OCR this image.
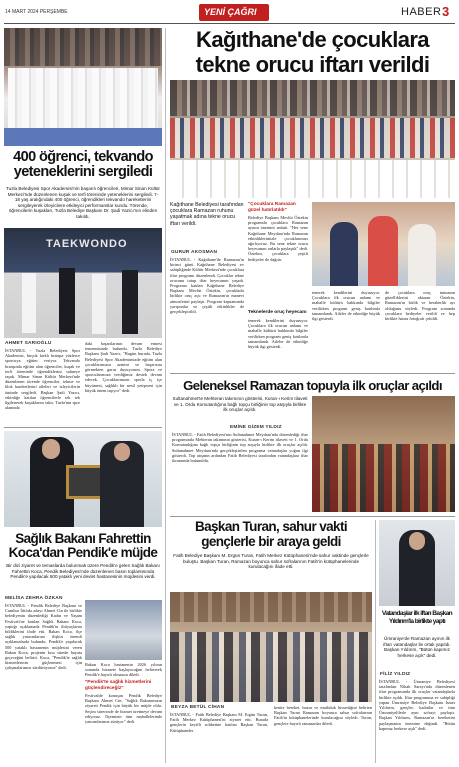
14 MART 2024 PERŞEMBE	YENİ ÇAĞRI	HABER 3
400 öğrenci, tekvando
yeteneklerini sergiledi
Tuzla Belediyesi Spor Akademisi'nin başarılı öğrencileri, Mimar Sinan Kültür Merkezi'nde düzenlenen kuşak ve terfi töreninde yeteneklerini sergiledi. 7-18 yaş aralığındaki 400 öğrenci, öğrendikleri tekvando hareketlerini sergileyerek izleyicilere etkileyici performanslar sundu. Törende, öğrencilerin kuşakları, Tuzla Belediye Başkanı Dr. Şadi Yazıcı'nın elinden takıldı.
TAEKWONDO
AHMET SARIOĞLU
İSTANBUL - Tuzla Belediyesi Spor Akademisi, birçok farklı branşta yüzlerce sporcuya eğitim veriyor. Tekvando branşında eğitim alan öğrenciler, kuşak ve terfi töreninde öğrendiklerini sahneye taşıdı. Mimar Sinan Kültür Merkezi'nde düzenlenen törende öğrenciler, tekme ve blok hareketlerini aileleri ve izleyicilerin önünde sergiledi. Başkan Şadi Yazıcı, etkinliğe katılan öğrencilerle tek tek ilgilenerek kuşaklarını taktı. Tuzla'nın spor alanında
daki başarılarının devam etmesi temennisinde bulundu. Tuzla Belediye Başkanı Şadi Yazıcı, "Bugün burada, Tuzla Belediyesi Spor Akademimizde eğitim alan çocuklarımızın azmini ve başarısını görmekten gurur duyuyorum. Spora ve sporcularımıza verdiğimiz destek devam edecek. Çocuklarımızın sporla iç içe büyümesi, sağlıklı bir nesil yetişmesi için büyük önem taşıyor" dedi.
Sağlık Bakanı Fahrettin
Koca'dan Pendik'e müjde
Bir dizi ziyaret ve temaslarda bulunmak üzere Pendik'e gelen Sağlık Bakanı Fahrettin Koca, Pendik Belediyesi'nde düzenlenen basın toplantısında Pendik'e yapılacak 500 yataklı yeni devlet hastanesinin müjdesini verdi.
MELİSA ZEHRA ÖZKAN
İSTANBUL - Pendik Belediye Başkanı ve Cumhur İttifakı adayı Ahmet Cin ile birlikte belediyenin düzenlediği Kadın ve Yaşam Festivali'ne katılan Sağlık Bakanı Koca, yaptığı açıklamada Pendik'in ihtiyaçlarını bildiklerini ifade etti. Bakan Koca, ilçe sağlık yatırımlarına ilişkin önemli açıklamalarda bulundu. Pendik'e yapılacak 500 yataklı hastanenin müjdesini veren Bakan Koca, projenin kısa sürede hayata geçeceğini belirtti. Koca, "Pendik'te sağlık hizmetlerinin güçlenmesi için çalışmalarımızı sürdürüyoruz" dedi.
Bakan Koca hastanenin 2026 yılının sonunda hizmete başlayacağını belirterek Pendik'e hayırlı olmasını diledi.
"Pendik'te sağlık hizmetlerini güçlendireceğiz"
Festivalde konuşan Pendik Belediye Başkanı Ahmet Cin, "Sağlık Bakanımızın ziyareti Pendik için büyük bir müjde oldu. Seçim sürecinde de hizmet üretmeye devam ediyoruz. İlçemizin tüm mahallelerinde yatırımlarımız sürüyor" dedi.
Kağıthane'de çocuklara
tekne orucu iftarı verildi
Kağıthane Belediyesi tarafından çocuklara Ramazan ruhunu yaşatmak adına tekne orucu iftarı verildi.
GURUR AKOSMAN
İSTANBUL - Kağıthane'de Ramazan'ın birinci günü Kağıthane Belediyesi ev sahipliğinde Kültür Merkezi'nde çocuklara iftar programı düzenlendi. Çocuklar tekne orucunu tutup iftar heyecanını yaşadı. Programa katılan Kağıthane Belediye Başkanı Mevlüt Öztekin, çocuklarla birlikte oruç açtı ve Ramazan'ın manevi atmosferini paylaştı. Program kapsamında yarışmalar ve çeşitli etkinlikler de gerçekleştirildi.
"Çocuklara Ramazan güzel hatırlatıldı"
Belediye Başkanı Mevlüt Öztekin programda çocuklara Ramazan ayının önemini anlattı. "Her sene Kağıthane Meydanı'nda Ramazan etkinliklerimizle çocuklarımızı ağırlıyoruz. Bu sene tekne orucu heyecanını onlarla paylaştık" dedi. Öztekin, çocuklara çeşitli hediyeler de dağıttı.
Teknelerde oruç heyecanı
tenerek kendilerini duyuruyor. Çocuklara ilk orucun anlamı ve mahalle kültürü hakkında bilgiler verilirken program geniş katılımla tamamlandı. Aileler de etkinliğe büyük ilgi gösterdi.
tenerek kendilerini duyuruyor. Çocuklara ilk orucun anlamı ve mahalle kültürü hakkında bilgiler verilirken program geniş katılımla tamamlandı. Aileler de etkinliğe büyük ilgi gösterdi.
de çocuklara oruç tutmanın güzelliklerini aktaran Öztekin, Ramazan'ın birlik ve beraberlik ayı olduğunu söyledi. Program sonunda çocuklara hediyeler verildi ve hep birlikte hatıra fotoğrafı çekildi.
Geleneksel Ramazan topuyla ilk oruçlar açıldı
Sultanahmet'te Mehteran takımının gösterisi, Kuran-ı Kerim tilaveti ve 1. Ordu Komutanlığına bağlı topçu birliğinin top atışıyla birlikte ilk oruçlar açıldı.
EMİNE GİZEM YILDIZ
İSTANBUL - Fatih Belediyesi'nin Sultanahmet Meydanı'nda düzenlediği iftar programında Mehteran takımının gösterisi, Kuran-ı Kerim tilaveti ve 1. Ordu Komutanlığına bağlı topçu birliğinin top atışıyla birlikte ilk oruçlar açıldı. Sultanahmet Meydanı'nda gerçekleştirilen programa vatandaşlar yoğun ilgi gösterdi. Top atışının ardından Fatih Belediyesi tarafından vatandaşlara iftar ikramında bulunuldu.
Başkan Turan, sahur vakti
gençlerle bir araya geldi
Fatih Belediye Başkanı M. Ergün Turan, Fatih Merkez Kütüphanesi'nde sahur vaktinde gençlerle buluştu. Başkan Turan, Ramazan boyunca sahur sofralarının Fatih'in kütüphanelerinde kurulacağını ifade etti.
BEYZA BETÜL CİHAN
İSTANBUL - Fatih Belediye Başkanı M. Ergün Turan, Fatih Merkez Kütüphanesi'ni ziyaret etti. Burada gençlerin keyifli sohbetine katılan Başkan Turan, Kütüphaneler
kentte bereket, huzur ve mutluluk hissettiğini belirten Başkan Turan Ramazan boyunca sahur sofralarının Fatih'in kütüphanelerinde kurulacağını söyledi. Turan, gençlere hayırlı ramazanlar diledi.
Vatandaşlar ilk iftarı Başkan Yıldırım'la birlikte yaptı
Ümraniye'de Ramazan ayının ilk iftarı vatandaşlar ile ortak yapıldı. Başkan Yıldırım, "Bütün kapımız herkese açık" dedi.
FİLİZ YILDIZ
İSTANBUL - Ümraniye Belediyesi tarafından Nikah Sarayı'nda düzenlenen iftar programında ilk oruçlar vatandaşlarla birlikte açıldı. İftar programına ev sahipliği yapan Ümraniye Belediye Başkanı İsmet Yıldırım, gençler, kadınlar ve tüm Ümraniyelilerle aynı sofrayı paylaştı. Başkan Yıldırım, Ramazan'ın bereketini paylaşmanın önemine değindi. "Bütün kapımız herkese açık" dedi.
